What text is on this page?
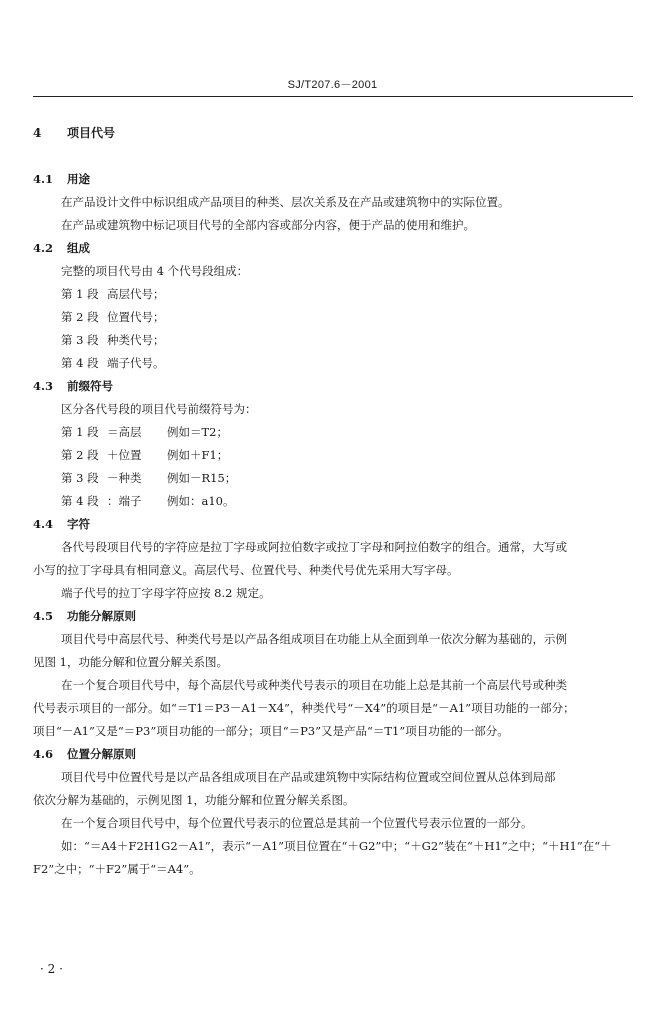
SJ/T207.6－2001
4 项目代号
4.1 用途
在产品设计文件中标识组成产品项目的种类、层次关系及在产品或建筑物中的实际位置。
在产品或建筑物中标记项目代号的全部内容或部分内容，便于产品的使用和维护。
4.2 组成
完整的项目代号由 4 个代号段组成：
第 1 段 高层代号；
第 2 段 位置代号；
第 3 段 种类代号；
第 4 段 端子代号。
4.3 前缀符号
区分各代号段的项目代号前缀符号为：
第 1 段 ＝高层 例如＝T2；
第 2 段 ＋位置 例如＋F1；
第 3 段 －种类 例如－R15；
第 4 段 ：端子 例如：a10。
4.4 字符
各代号段项目代号的字符应是拉丁字母或阿拉伯数字或拉丁字母和阿拉伯数字的组合。通常，大写或
小写的拉丁字母具有相同意义。高层代号、位置代号、种类代号优先采用大写字母。
端子代号的拉丁字母字符应按 8.2 规定。
4.5 功能分解原则
项目代号中高层代号、种类代号是以产品各组成项目在功能上从全面到单一依次分解为基础的，示例
见图 1，功能分解和位置分解关系图。
在一个复合项目代号中，每个高层代号或种类代号表示的项目在功能上总是其前一个高层代号或种类
代号表示项目的一部分。如“＝T1＝P3－A1－X4”，种类代号“－X4”的项目是“－A1”项目功能的一部分；
项目“－A1”又是“＝P3”项目功能的一部分；项目“＝P3”又是产品“＝T1”项目功能的一部分。
4.6 位置分解原则
项目代号中位置代号是以产品各组成项目在产品或建筑物中实际结构位置或空间位置从总体到局部
依次分解为基础的，示例见图 1，功能分解和位置分解关系图。
在一个复合项目代号中，每个位置代号表示的位置总是其前一个位置代号表示位置的一部分。
如：“＝A4＋F2H1G2－A1”，表示“－A1”项目位置在“＋G2”中；“＋G2”装在“＋H1”之中；“＋H1”在“＋
F2”之中；“＋F2”属于“＝A4”。
· 2 ·
